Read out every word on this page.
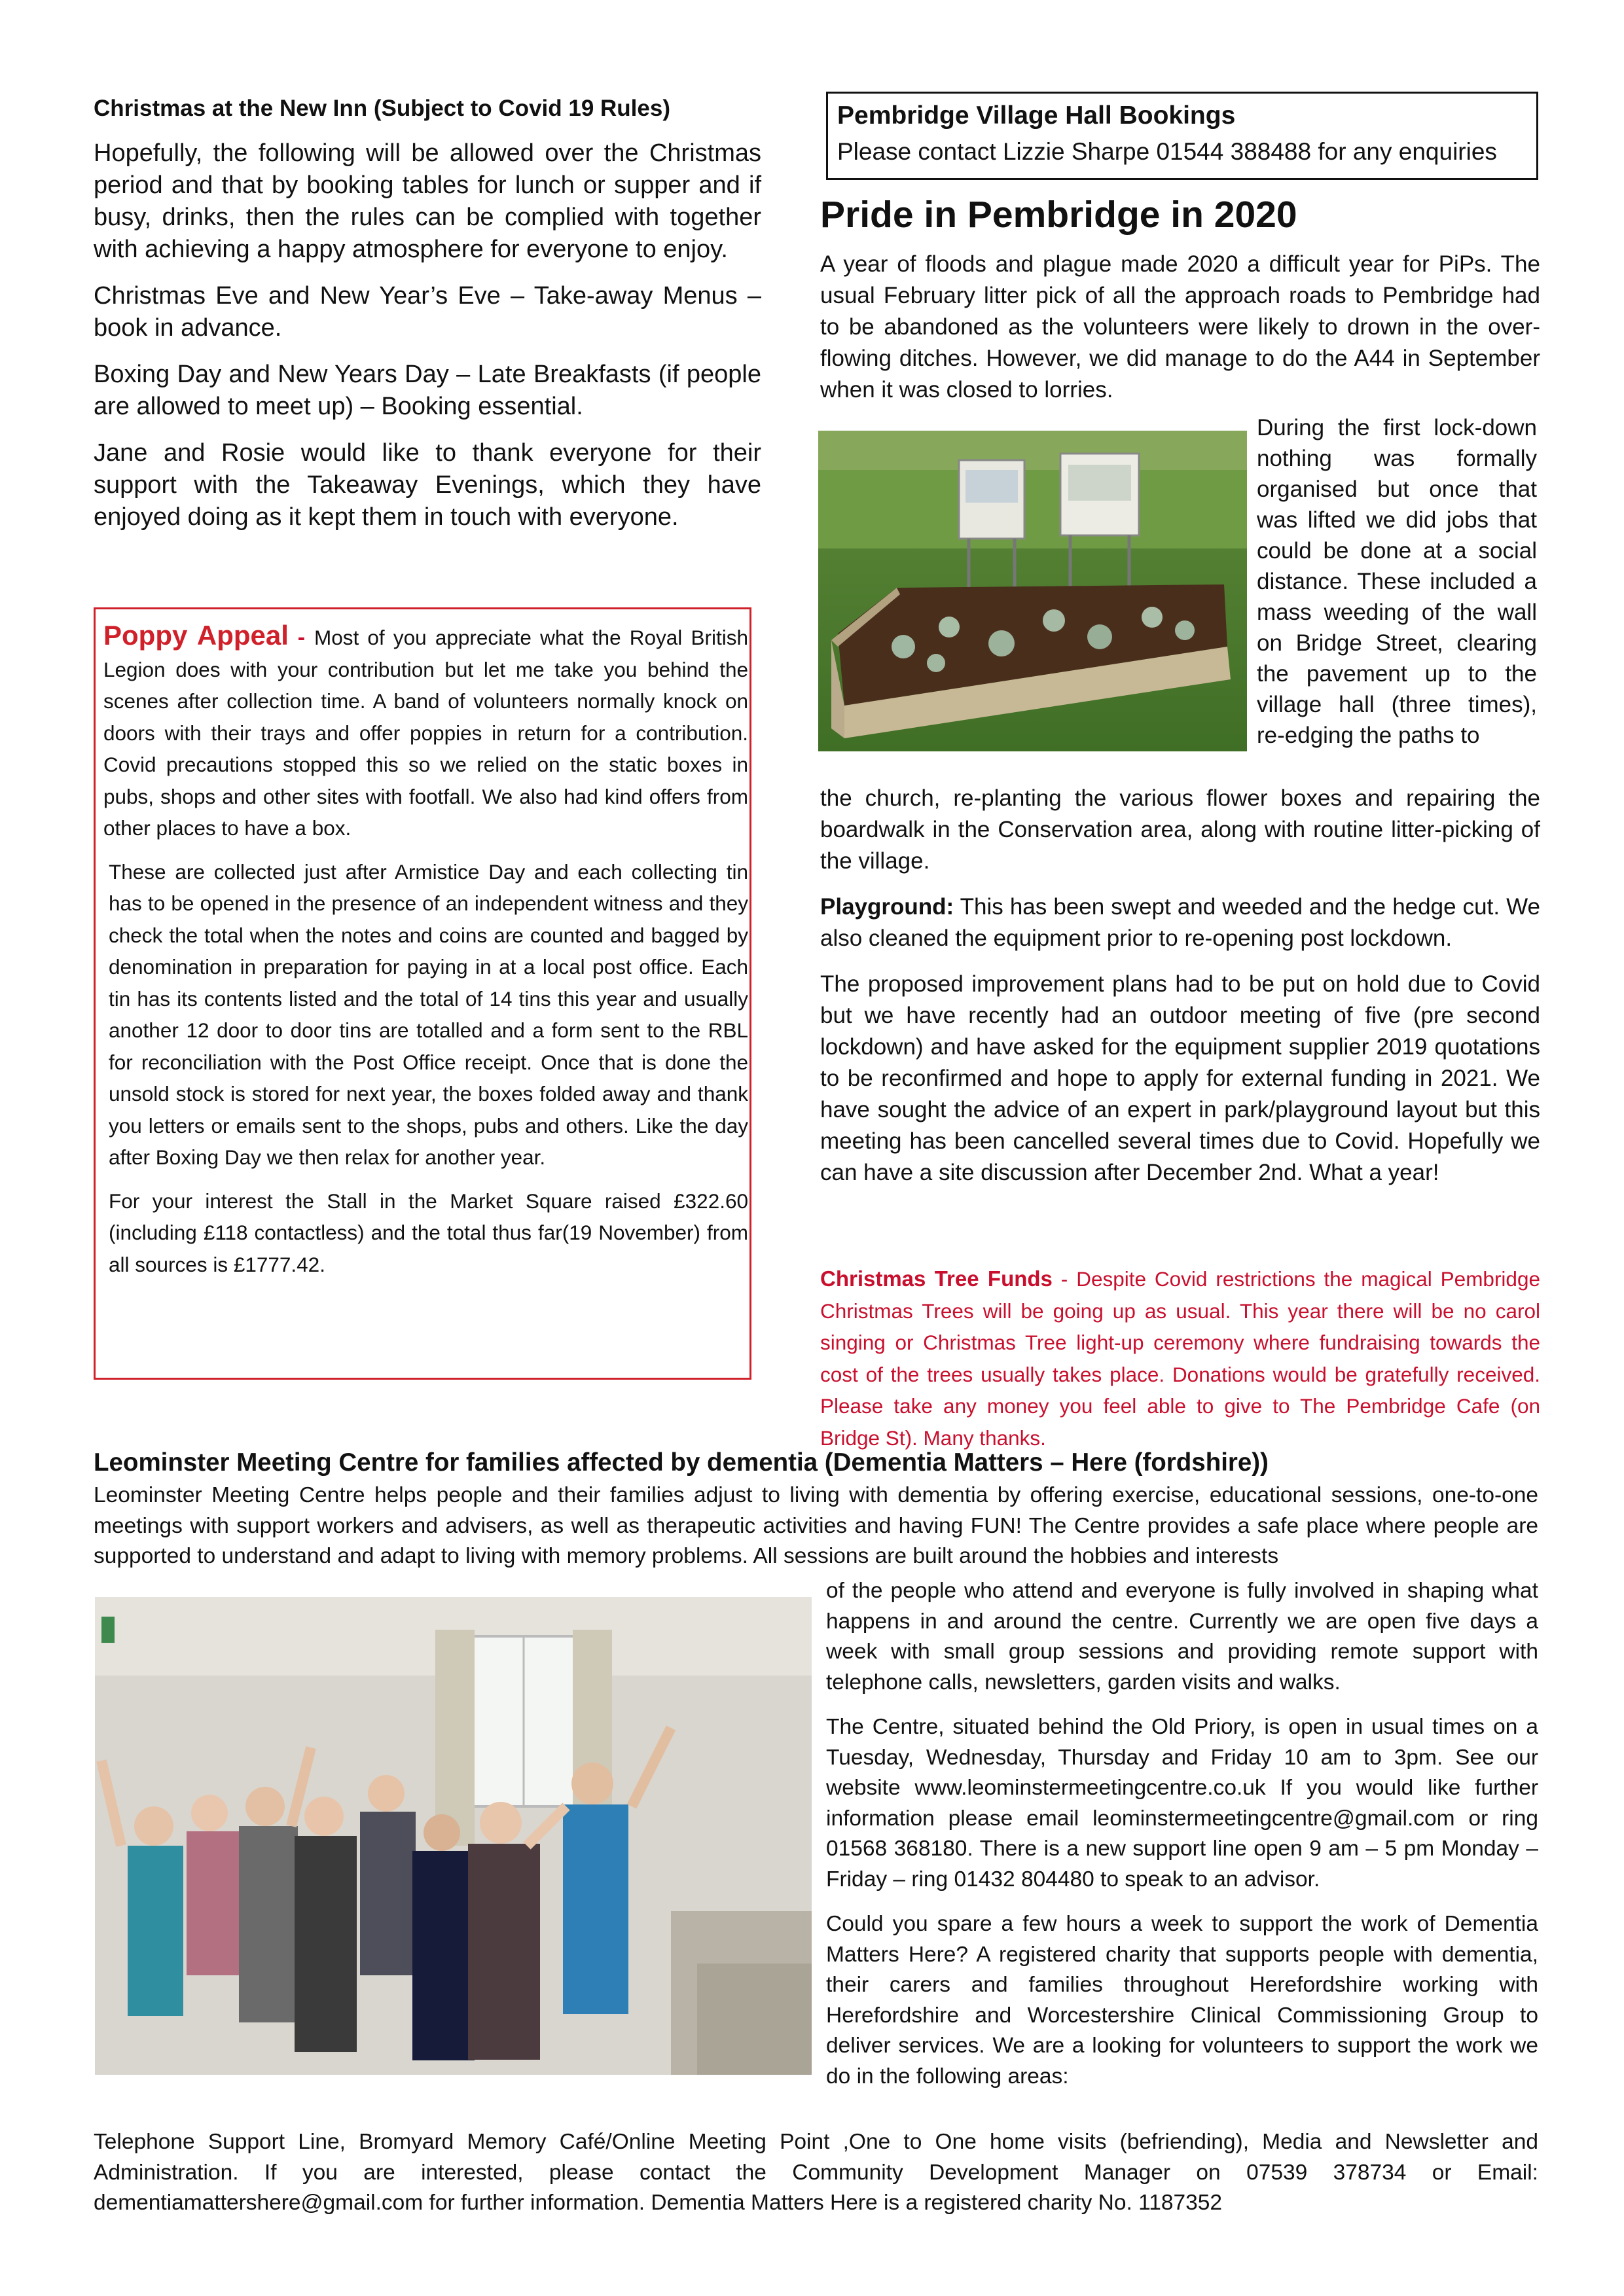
Christmas at the New Inn (Subject to Covid 19 Rules)

Hopefully, the following will be allowed over the Christmas period and that by booking tables for lunch or supper and if busy, drinks, then the rules can be complied with together with achieving a happy atmosphere for everyone to enjoy.

Christmas Eve and New Year’s Eve – Take-away Menus – book in advance.

Boxing Day and New Years Day – Late Breakfasts (if people are allowed to meet up) – Booking essential.

Jane and Rosie would like to thank everyone for their support with the Takeaway Evenings, which they have enjoyed doing as it kept them in touch with everyone.

Poppy Appeal - Most of you appreciate what the Royal British Legion does with your contribution but let me take you behind the scenes after collection time. A band of volunteers normally knock on doors with their trays and offer poppies in return for a contribution. Covid precautions stopped this so we relied on the static boxes in pubs, shops and other sites with footfall. We also had kind offers from other places to have a box.

These are collected just after Armistice Day and each collecting tin has to be opened in the presence of an independent witness and they check the total when the notes and coins are counted and bagged by denomination in preparation for paying in at a local post office. Each tin has its contents listed and the total of 14 tins this year and usually another 12 door to door tins are totalled and a form sent to the RBL for reconciliation with the Post Office receipt. Once that is done the unsold stock is stored for next year, the boxes folded away and thank you letters or emails sent to the shops, pubs and others. Like the day after Boxing Day we then relax for another year.

For your interest the Stall in the Market Square raised £322.60 (including £118 contactless) and the total thus far(19 November) from all sources is £1777.42.

Pembridge Village Hall Bookings

Please contact Lizzie Sharpe 01544 388488 for any enquiries

Pride in Pembridge in 2020

A year of floods and plague made 2020 a difficult year for PiPs. The usual February litter pick of all the approach roads to Pembridge had to be abandoned as the volunteers were likely to drown in the over-flowing ditches. However, we did manage to do the A44 in September when it was closed to lorries.

During the first lock-down nothing was formally organised but once that was lifted we did jobs that could be done at a social distance. These included a mass weeding of the wall on Bridge Street, clearing the pavement up to the village hall (three times), re-edging the paths to

the church, re-planting the various flower boxes and repairing the boardwalk in the Conservation area, along with routine litter-picking of the village.

Playground: This has been swept and weeded and the hedge cut. We also cleaned the equipment prior to re-opening post lockdown.

The proposed improvement plans had to be put on hold due to Covid but we have recently had an outdoor meeting of five (pre second lockdown) and have asked for the equipment supplier 2019 quotations to be reconfirmed and hope to apply for external funding in 2021. We have sought the advice of an expert in park/playground layout but this meeting has been cancelled several times due to Covid. Hopefully we can have a site discussion after December 2nd. What a year!

Christmas Tree Funds - Despite Covid restrictions the magical Pembridge Christmas Trees will be going up as usual. This year there will be no carol singing or Christmas Tree light-up ceremony where fundraising towards the cost of the trees usually takes place. Donations would be gratefully received. Please take any money you feel able to give to The Pembridge Cafe (on Bridge St). Many thanks.

Leominster Meeting Centre for families affected by dementia (Dementia Matters – Here (fordshire))

Leominster Meeting Centre helps people and their families adjust to living with dementia by offering exercise, educational sessions, one-to-one meetings with support workers and advisers, as well as therapeutic activities and having FUN! The Centre provides a safe place where people are supported to understand and adapt to living with memory problems. All sessions are built around the hobbies and interests

of the people who attend and everyone is fully involved in shaping what happens in and around the centre. Currently we are open five days a week with small group sessions and providing remote support with telephone calls, newsletters, garden visits and walks.

The Centre, situated behind the Old Priory, is open in usual times on a Tuesday, Wednesday, Thursday and Friday 10 am to 3pm. See our website www.leominstermeetingcentre.co.uk If you would like further information please email leominstermeetingcentre@gmail.com or ring 01568 368180. There is a new support line open 9 am – 5 pm Monday – Friday – ring 01432 804480 to speak to an advisor.

Could you spare a few hours a week to support the work of Dementia Matters Here? A registered charity that supports people with dementia, their carers and families throughout Herefordshire working with Herefordshire and Worcestershire Clinical Commissioning Group to deliver services. We are a looking for volunteers to support the work we do in the following areas:

Telephone Support Line, Bromyard Memory Café/Online Meeting Point ,One to One home visits (befriending), Media and Newsletter and Administration. If you are interested, please contact the Community Development Manager on 07539 378734 or Email: dementiamattershere@gmail.com for further information. Dementia Matters Here is a registered charity No. 1187352
